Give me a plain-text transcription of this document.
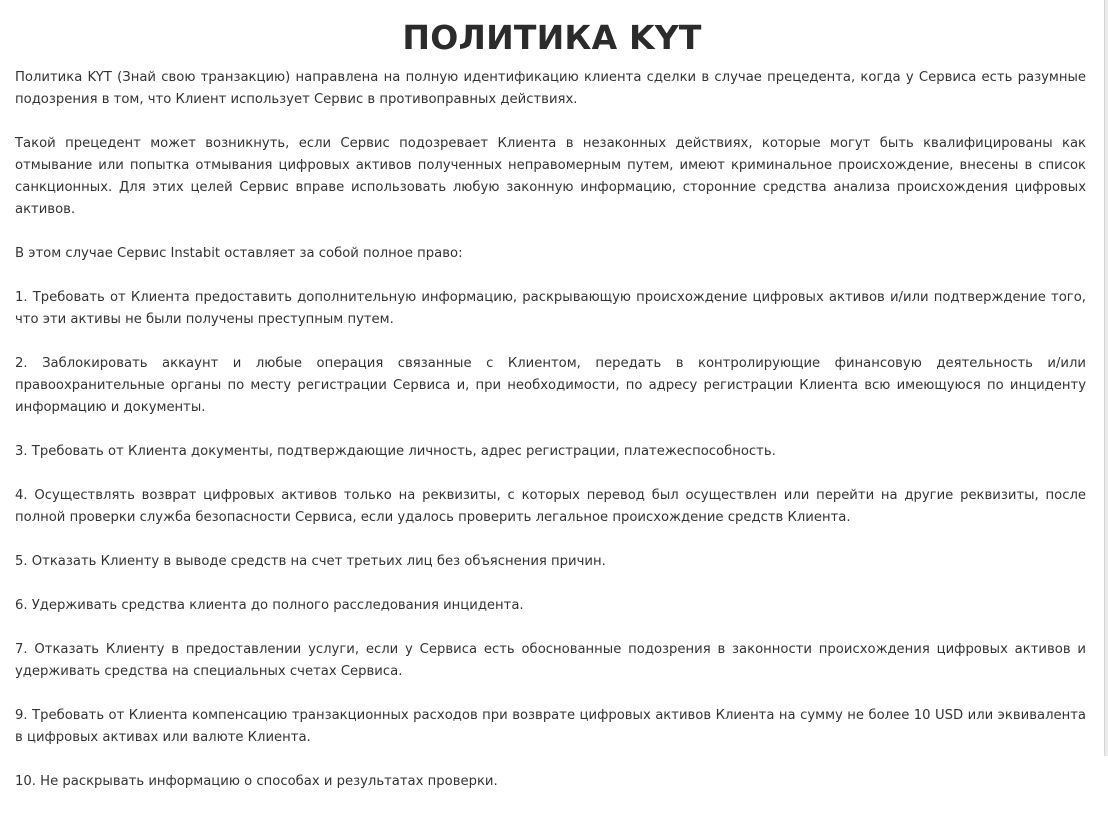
ПОЛИТИКА KYT

Политика KYT (Знай свою транзакцию) направлена на полную идентификацию клиента сделки в случае прецедента, когда у Сервиса есть разумные подозрения в том, что Клиент использует Сервис в противоправных действиях.

Такой прецедент может возникнуть, если Сервис подозревает Клиента в незаконных действиях, которые могут быть квалифицированы как отмывание или попытка отмывания цифровых активов полученных неправомерным путем, имеют криминальное происхождение, внесены в список санкционных. Для этих целей Сервис вправе использовать любую законную информацию, сторонние средства анализа происхождения цифровых активов.

В этом случае Сервис Instabit оставляет за собой полное право:

1. Требовать от Клиента предоставить дополнительную информацию, раскрывающую происхождение цифровых активов и/или подтверждение того, что эти активы не были получены преступным путем.

2. Заблокировать аккаунт и любые операция связанные с Клиентом, передать в контролирующие финансовую деятельность и/или правоохранительные органы по месту регистрации Сервиса и, при необходимости, по адресу регистрации Клиента всю имеющуюся по инциденту информацию и документы.

3. Требовать от Клиента документы, подтверждающие личность, адрес регистрации, платежеспособность.

4. Осуществлять возврат цифровых активов только на реквизиты, с которых перевод был осуществлен или перейти на другие реквизиты, после полной проверки служба безопасности Сервиса, если удалось проверить легальное происхождение средств Клиента.

5. Отказать Клиенту в выводе средств на счет третьих лиц без объяснения причин.

6. Удерживать средства клиента до полного расследования инцидента.

7. Отказать Клиенту в предоставлении услуги, если у Сервиса есть обоснованные подозрения в законности происхождения цифровых активов и удерживать средства на специальных счетах Сервиса.

9. Требовать от Клиента компенсацию транзакционных расходов при возврате цифровых активов Клиента на сумму не более 10 USD или эквивалента в цифровых активах или валюте Клиента.

10. Не раскрывать информацию о способах и результатах проверки.
